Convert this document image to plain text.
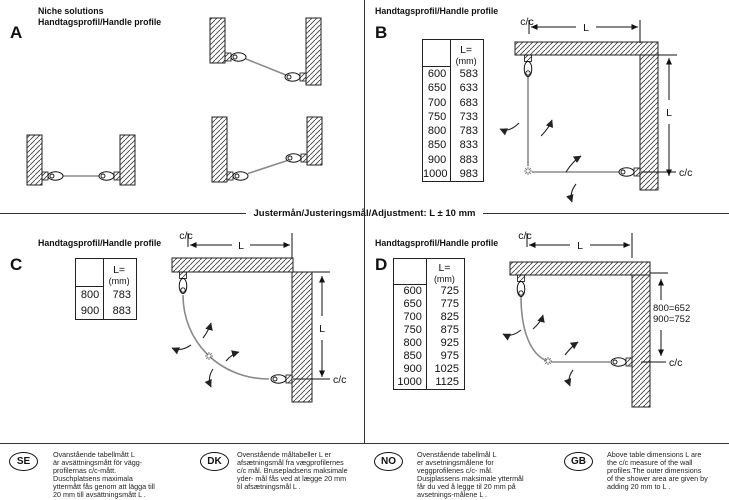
c/c	L
L
c/c
c/c
L
L
c/c
c/c
L
800=652
900=752
c/c
Justermån/Justeringsmål/Adjustment: L ± 10 mm
Niche solutions
Handtagsprofil/Handle profile
A
Handtagsprofil/Handle profile
B
Handtagsprofil/Handle profile
C
Handtagsprofil/Handle profile
D
L=
(mm)
600	583
650	633
700	683
750	733
800	783
850	833
900	883
1000	983
L=
(mm)
800	783
900	883
L=
(mm)
600	725
650	775
700	825
750	875
800	925
850	975
900	1025
1000	1125
SE
Ovanstående tabellmått L
är avsättningsmått för vägg-
profilernas c/c-mått.
Duschplatsens maximala
yttermått fås genom att lägga till
20 mm till avsättningsmått L .
DK
Ovenstående måltabeller L er
afsætningsmål fra vægprofilernes
c/c mål. Brusepladsens maksimale
yder- mål fås ved at lægge 20 mm
til afsætningsmål L .
NO
Ovenstående tabellmål L
er avsetningsmålene for
veggprofilenes c/c- mål.
Dusjplassens maksimale yttermål
får du ved å legge til 20 mm på
avsetnings-målene L .
GB
Above table dimensions L are
the c/c measure of the wall
profiles.The outer dimensions
of the shower area are given by
adding 20 mm to L .
